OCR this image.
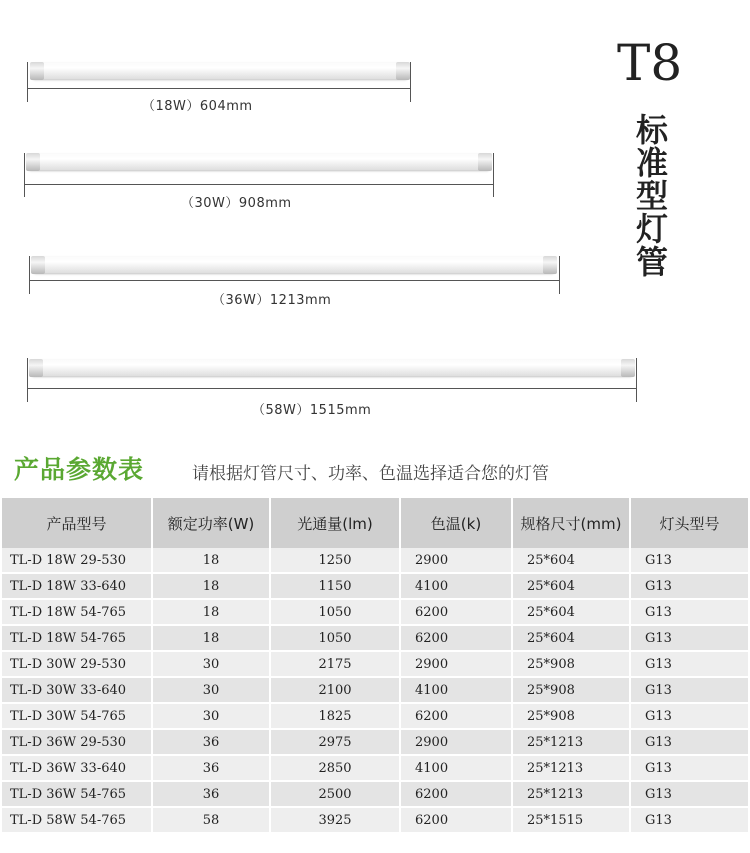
（18W）604mm
（30W）908mm
（36W）1213mm
（58W）1515mm
T8
标准型灯管
产品参数表	请根据灯管尺寸、功率、色温选择适合您的灯管
产品型号	额定功率(W)	光通量(lm)	色温(k)	规格尺寸(mm)	灯头型号
TL-D 18W 29-530	18	1250	2900	25*604	G13
TL-D 18W 33-640	18	1150	4100	25*604	G13
TL-D 18W 54-765	18	1050	6200	25*604	G13
TL-D 18W 54-765	18	1050	6200	25*604	G13
TL-D 30W 29-530	30	2175	2900	25*908	G13
TL-D 30W 33-640	30	2100	4100	25*908	G13
TL-D 30W 54-765	30	1825	6200	25*908	G13
TL-D 36W 29-530	36	2975	2900	25*1213	G13
TL-D 36W 33-640	36	2850	4100	25*1213	G13
TL-D 36W 54-765	36	2500	6200	25*1213	G13
TL-D 58W 54-765	58	3925	6200	25*1515	G13
